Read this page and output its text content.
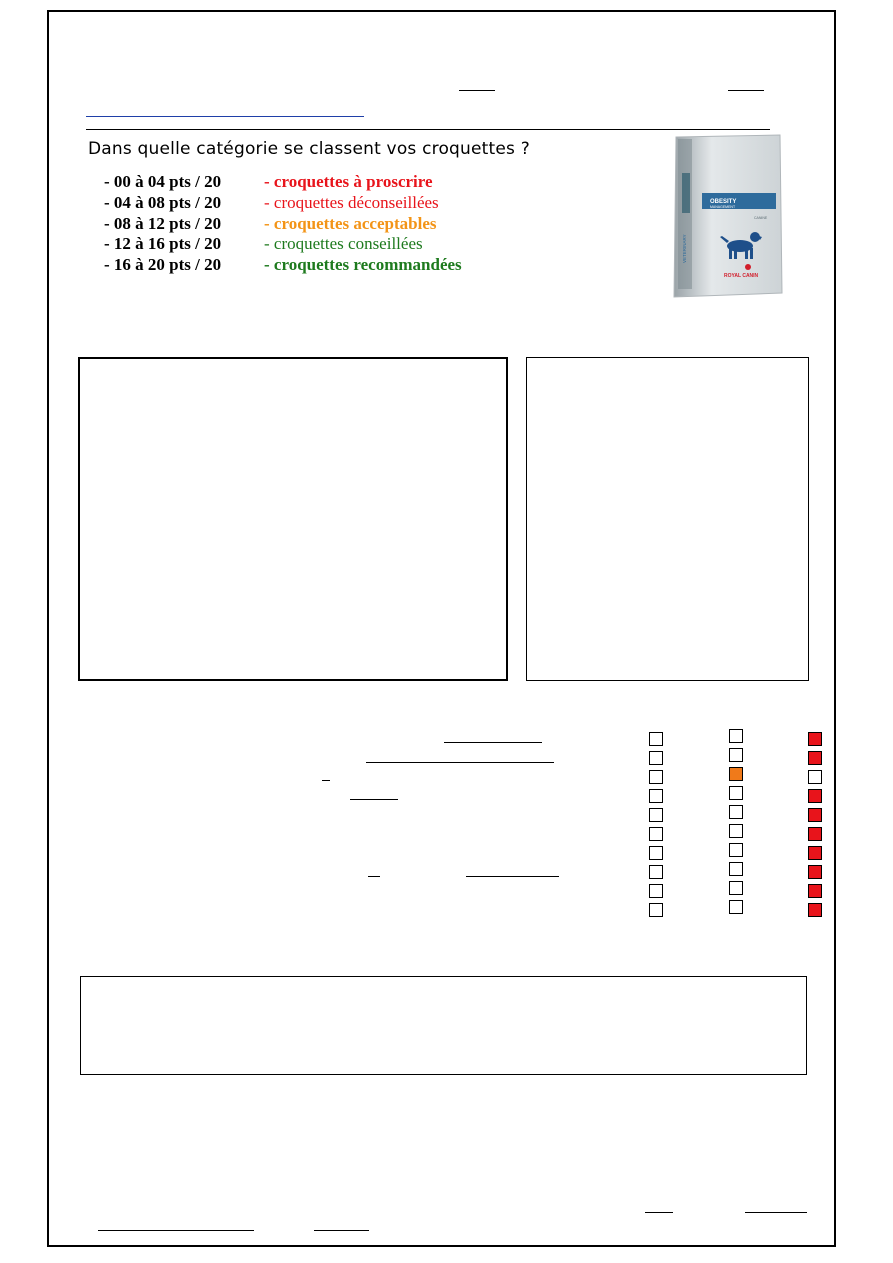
Dans quelle catégorie se classent vos croquettes ?
- 00 à 04 pts / 20	- croquettes à proscrire
- 04 à 08 pts / 20	- croquettes déconseillées
- 08 à 12 pts / 20	- croquettes acceptables
- 12 à 16 pts / 20	- croquettes conseillées
- 16 à 20 pts / 20	- croquettes recommandées
OBESITY
MANAGEMENT
CANINE
VETERINARY
ROYAL CANIN
